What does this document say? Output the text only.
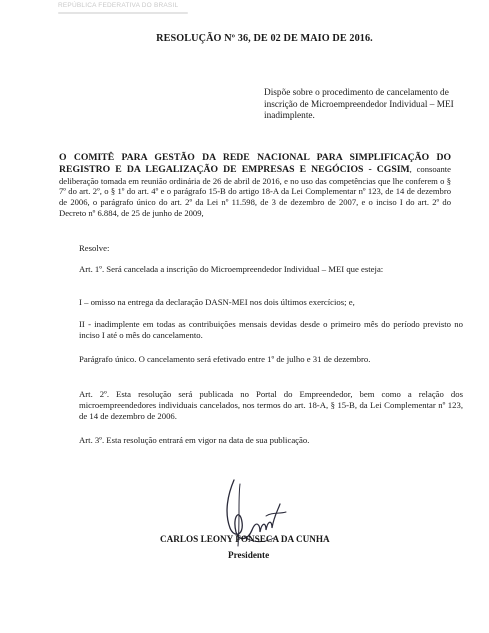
REPÚBLICA FEDERATIVA DO BRASIL
RESOLUÇÃO Nº 36, DE 02 DE MAIO DE 2016.
Dispõe sobre o procedimento de cancelamento de inscrição de Microempreendedor Individual – MEI inadimplente.
O COMITÊ PARA GESTÃO DA REDE NACIONAL PARA SIMPLIFICAÇÃO DO REGISTRO E DA LEGALIZAÇÃO DE EMPRESAS E NEGÓCIOS - CGSIM, consoante deliberação tomada em reunião ordinária de 26 de abril de 2016, e no uso das competências que lhe conferem o § 7º do art. 2º, o § 1º do art. 4º e o parágrafo 15-B do artigo 18-A da Lei Complementar nº 123, de 14 de dezembro de 2006, o parágrafo único do art. 2º da Lei nº 11.598, de 3 de dezembro de 2007, e o inciso I do art. 2º do Decreto nº 6.884, de 25 de junho de 2009,
Resolve:
Art. 1º. Será cancelada a inscrição do Microempreendedor Individual – MEI que esteja:
I – omisso na entrega da declaração DASN-MEI nos dois últimos exercícios; e,
II - inadimplente em todas as contribuições mensais devidas desde o primeiro mês do período previsto no inciso I até o mês do cancelamento.
Parágrafo único. O cancelamento será efetivado entre 1º de julho e 31 de dezembro.
Art. 2º. Esta resolução será publicada no Portal do Empreendedor, bem como a relação dos microempreendedores individuais cancelados, nos termos do art. 18-A, § 15-B, da Lei Complementar nº 123, de 14 de dezembro de 2006.
Art. 3º. Esta resolução entrará em vigor na data de sua publicação.
CARLOS LEONY FONSECA DA CUNHA
Presidente
